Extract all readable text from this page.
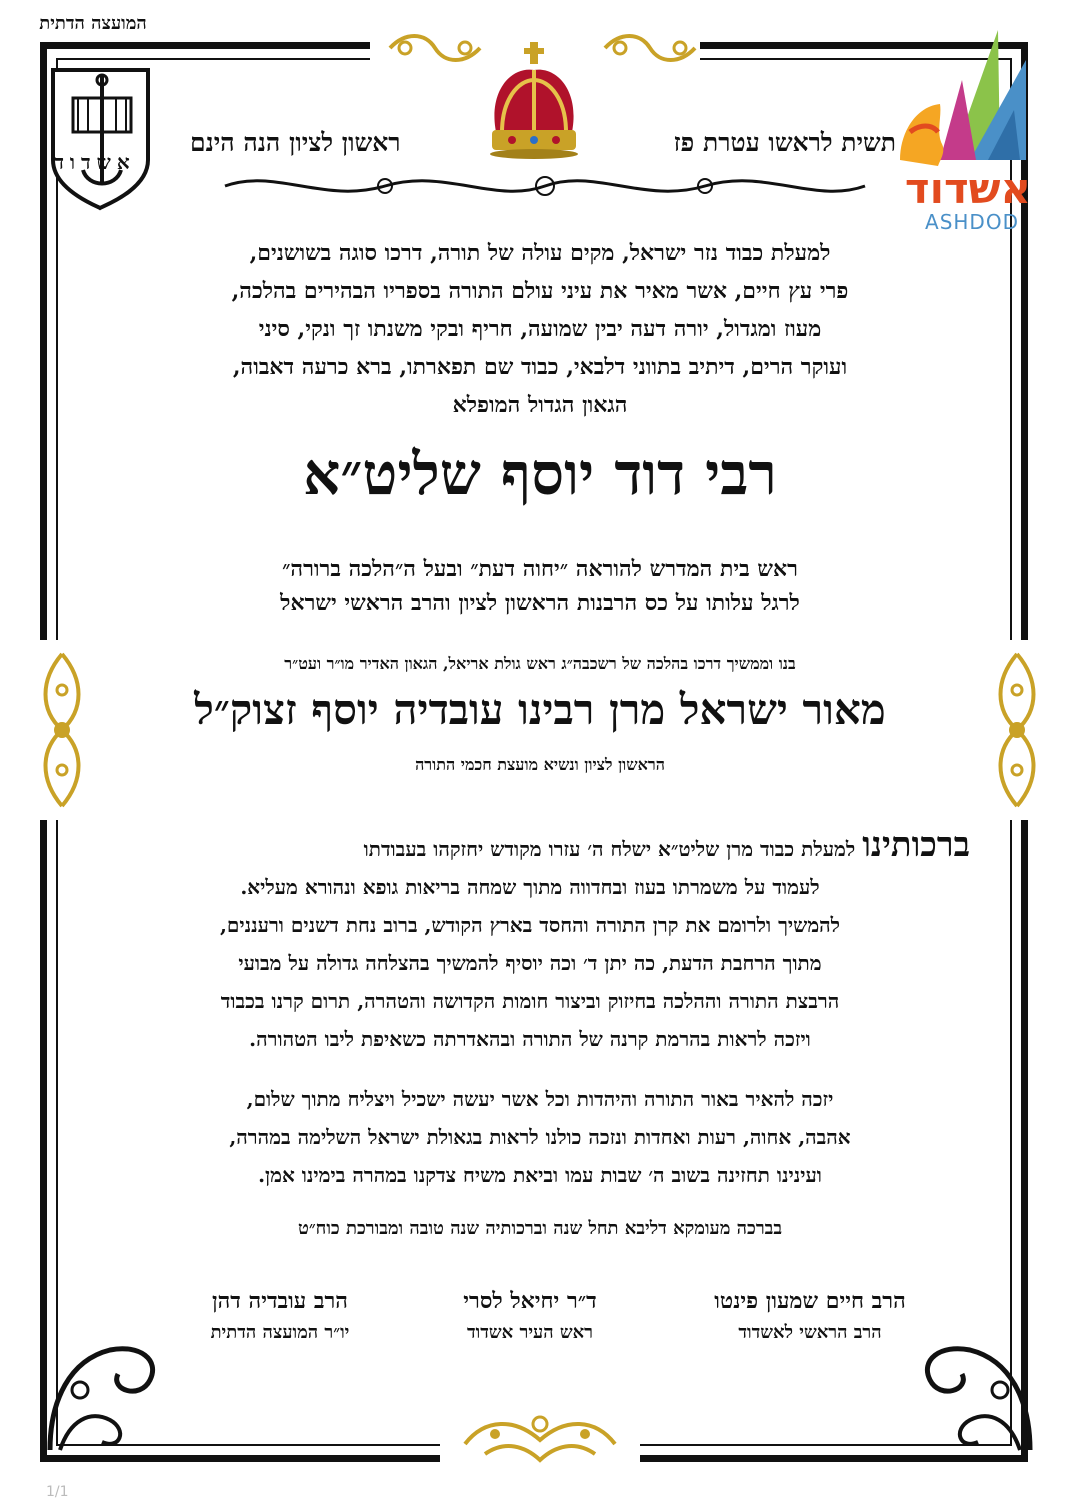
תשית לראשו עטרת פז
ראשון לציון הנה הינם
המועצה הדתית
אשדוד
אשדוד
ASHDOD
למעלת כבוד נזר ישראל, מקים עולה של תורה, דרכו סוגה בשושנים,
פרי עץ חיים, אשר מאיר את עיני עולם התורה בספריו הבהירים בהלכה,
מעוז ומגדול, יורה דעה יבין שמועה, חריף ובקי משנתו זך ונקי, סיני
ועוקר הרים, דיתיב בתווני דלבאי, כבוד שם תפארתו, ברא כרעה דאבוה,
הגאון הגדול המופלא
רבי דוד יוסף שליט״א
ראש בית המדרש להוראה ״יחוה דעת״ ובעל ה״הלכה ברורה״
לרגל עלותו על כס הרבנות הראשון לציון והרב הראשי ישראל
בנו וממשיך דרכו בהלכה של רשכבה״ג ראש גולת אריאל, הגאון האדיר מו״ר ועט״ר
מאור ישראל מרן רבינו עובדיה יוסף זצוק״ל
הראשון לציון ונשיא מועצת חכמי התורה
ברכותינו למעלת כבוד מרן שליט״א ישלח ה׳ עזרו מקודש יחזקהו בעבודתו
לעמוד על משמרתו בעוז ובחדווה מתוך שמחה בריאות גופא ונהורא מעליא.
להמשיך ולרומם את קרן התורה והחסד בארץ הקודש, ברוב נחת דשנים ורעננים,
מתוך הרחבת הדעת, כה יתן ד׳ וכה יוסיף להמשיך בהצלחה גדולה על מבועי
הרבצת התורה וההלכה בחיזוק וביצור חומות הקדושה והטהרה, תרום קרנו בכבוד
ויזכה לראות בהרמת קרנה של התורה ובהאדרתה כשאיפת ליבו הטהורה.
יזכה להאיר באור התורה והיהדות וכל אשר יעשה ישכיל ויצליח מתוך שלום,
אהבה, אחוה, רעות ואחדות ונזכה כולנו לראות בגאולת ישראל השלימה במהרה,
ועינינו תחזינה בשוב ה׳ שבות עמו וביאת משיח צדקנו במהרה בימינו אמן.
בברכה מעומקא דליבא תחל שנה וברכותיה שנה טובה ומבורכת כוח״ט
הרב חיים שמעון פינטו
הרב הראשי לאשדוד
ד״ר יחיאל לסרי
ראש העיר אשדוד
הרב עובדיה דהן
יו״ר המועצה הדתית
1/1
